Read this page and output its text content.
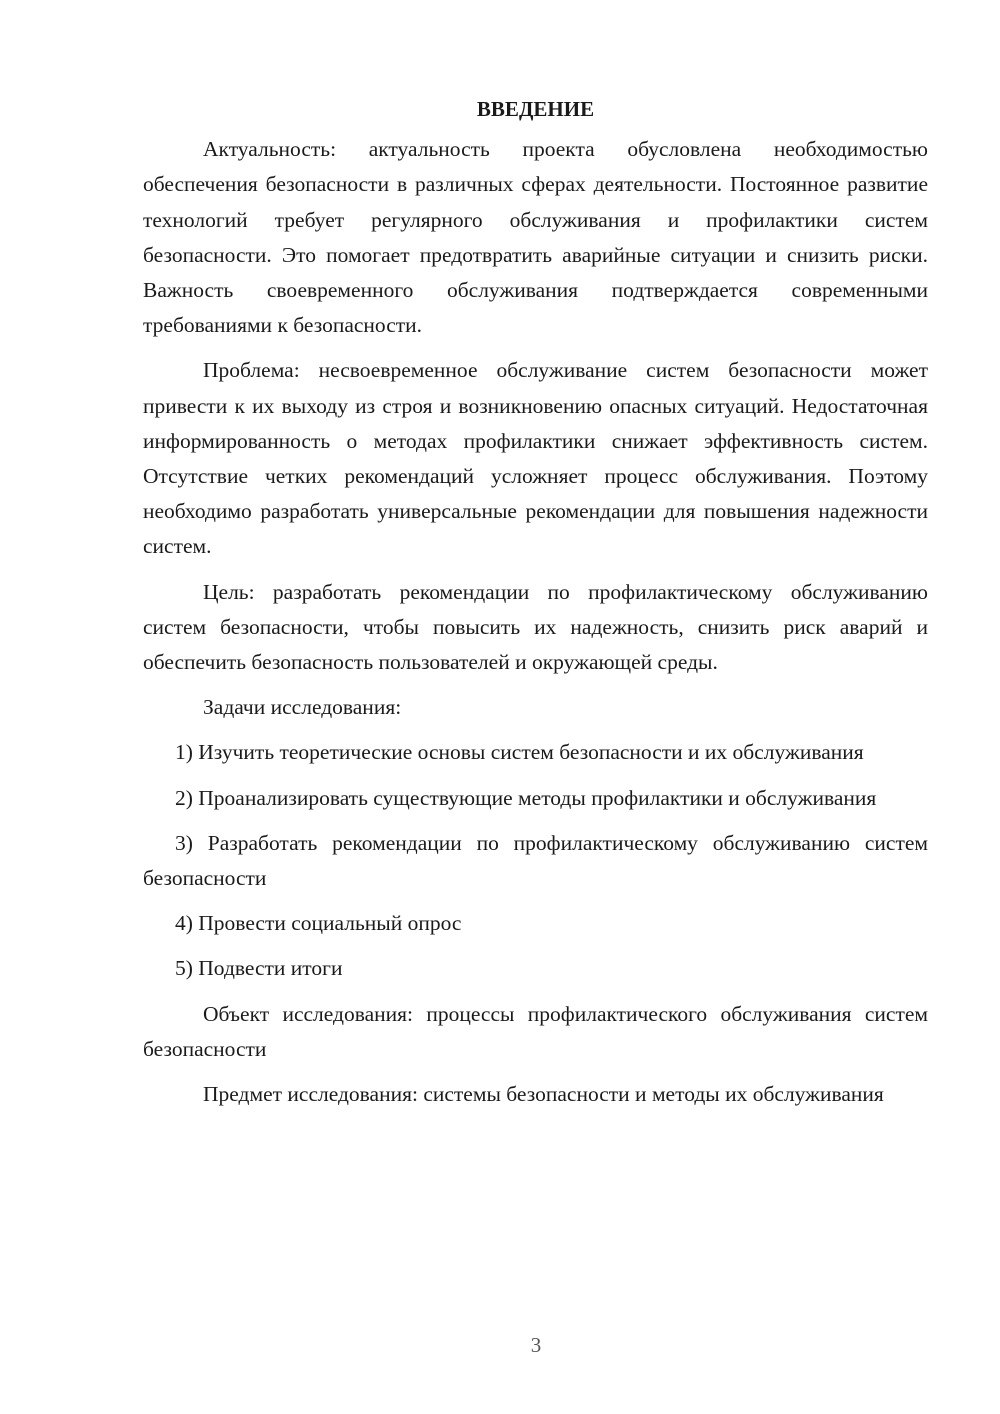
ВВЕДЕНИЕ

Актуальность: актуальность проекта обусловлена необходимостью обеспечения безопасности в различных сферах деятельности. Постоянное развитие технологий требует регулярного обслуживания и профилактики систем безопасности. Это помогает предотвратить аварийные ситуации и снизить риски. Важность своевременного обслуживания подтверждается современными требованиями к безопасности.

Проблема: несвоевременное обслуживание систем безопасности может привести к их выходу из строя и возникновению опасных ситуаций. Недостаточная информированность о методах профилактики снижает эффективность систем. Отсутствие четких рекомендаций усложняет процесс обслуживания. Поэтому необходимо разработать универсальные рекомендации для повышения надежности систем.

Цель: разработать рекомендации по профилактическому обслуживанию систем безопасности, чтобы повысить их надежность, снизить риск аварий и обеспечить безопасность пользователей и окружающей среды.

Задачи исследования:

1) Изучить теоретические основы систем безопасности и их обслуживания

2) Проанализировать существующие методы профилактики и обслуживания

3) Разработать рекомендации по профилактическому обслуживанию систем безопасности

4) Провести социальный опрос

5) Подвести итоги

Объект исследования: процессы профилактического обслуживания систем безопасности

Предмет исследования: системы безопасности и методы их обслуживания

3
